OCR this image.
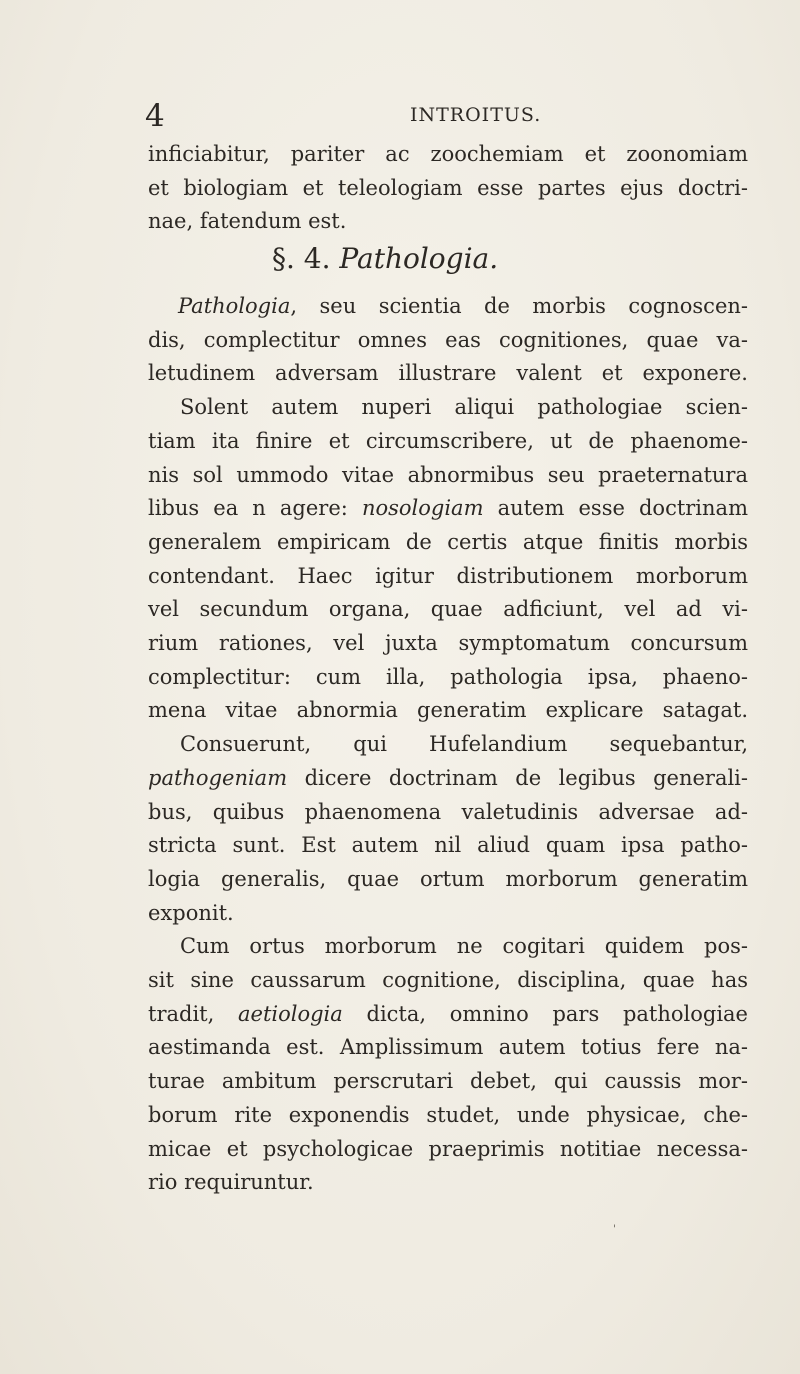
4	INTROITUS.
inficiabitur, pariter ac zoochemiam et zoonomiam
et biologiam et teleologiam esse partes ejus doctri-
nae, fatendum est.
§. 4. Pathologia.
Pathologia, seu scientia de morbis cognoscen-
dis, complectitur omnes eas cognitiones, quae va-
letudinem adversam illustrare valent et exponere.
Solent autem nuperi aliqui pathologiae scien-
tiam ita finire et circumscribere, ut de phaenome-
nis sol ummodo vitae abnormibus seu praeternatura
libus ea n agere: nosologiam autem esse doctrinam
generalem empiricam de certis atque finitis morbis
contendant. Haec igitur distributionem morborum
vel secundum organa, quae adficiunt, vel ad vi-
rium rationes, vel juxta symptomatum concursum
complectitur: cum illa, pathologia ipsa, phaeno-
mena vitae abnormia generatim explicare satagat.
Consuerunt, qui Hufelandium sequebantur,
pathogeniam dicere doctrinam de legibus generali-
bus, quibus phaenomena valetudinis adversae ad-
stricta sunt. Est autem nil aliud quam ipsa patho-
logia generalis, quae ortum morborum generatim
exponit.
Cum ortus morborum ne cogitari quidem pos-
sit sine caussarum cognitione, disciplina, quae has
tradit, aetiologia dicta, omnino pars pathologiae
aestimanda est. Amplissimum autem totius fere na-
turae ambitum perscrutari debet, qui caussis mor-
borum rite exponendis studet, unde physicae, che-
micae et psychologicae praeprimis notitiae necessa-
rio requiruntur.
'
